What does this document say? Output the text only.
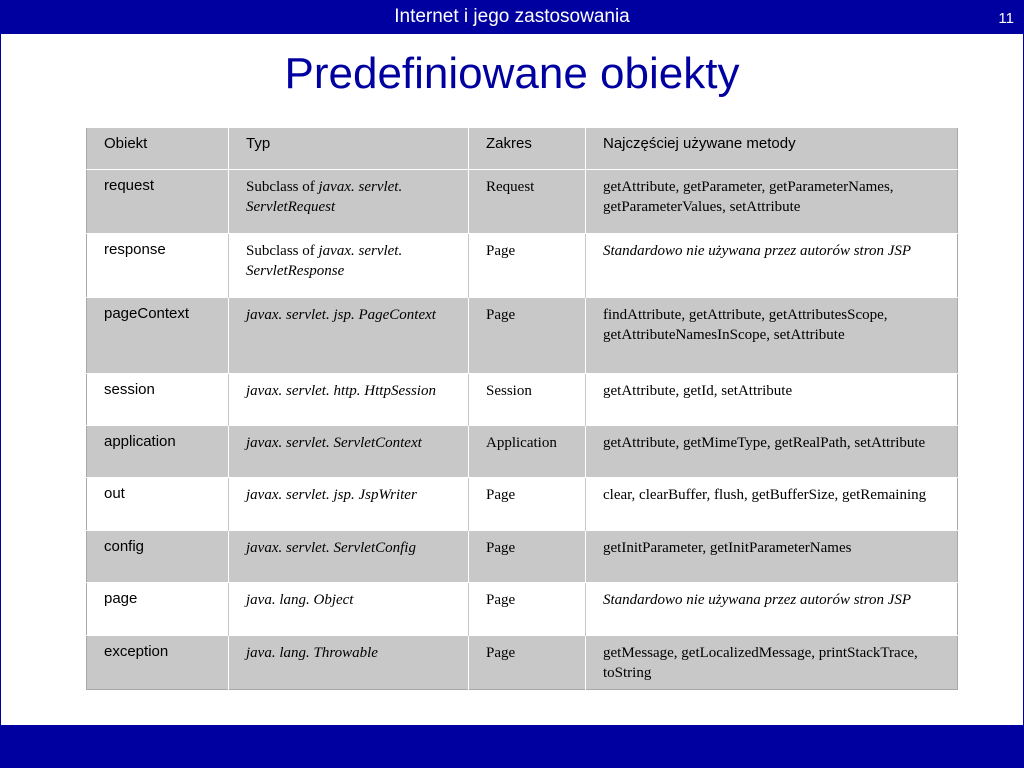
Internet i jego zastosowania	11
Predefiniowane obiekty
Obiekt	Typ	Zakres	Najczęściej używane metody
request	Subclass of javax. servlet. ServletRequest	Request	getAttribute, getParameter, getParameterNames, getParameterValues, setAttribute
response	Subclass of javax. servlet. ServletResponse	Page	Standardowo nie używana przez autorów stron JSP
pageContext	javax. servlet. jsp. PageContext	Page	findAttribute, getAttribute, getAttributesScope, getAttributeNamesInScope, setAttribute
session	javax. servlet. http. HttpSession	Session	getAttribute, getId, setAttribute
application	javax. servlet. ServletContext	Application	getAttribute, getMimeType, getRealPath, setAttribute
out	javax. servlet. jsp. JspWriter	Page	clear, clearBuffer, flush, getBufferSize, getRemaining
config	javax. servlet. ServletConfig	Page	getInitParameter, getInitParameterNames
page	java. lang. Object	Page	Standardowo nie używana przez autorów stron JSP
exception	java. lang. Throwable	Page	getMessage, getLocalizedMessage, printStackTrace, toString
